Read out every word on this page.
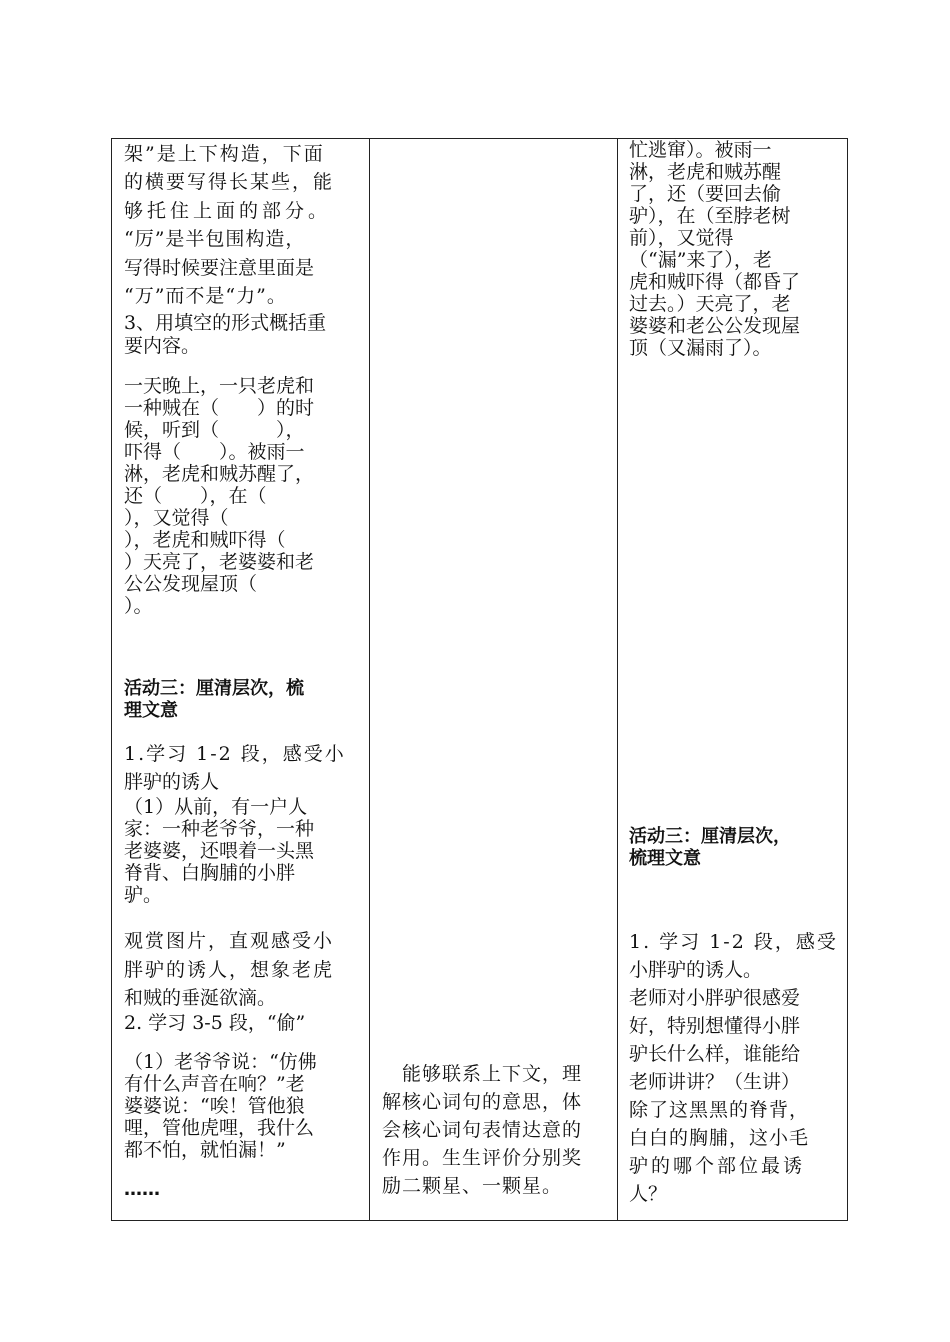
架”是上下构造，下面
的横要写得长某些，能
够托住上面的部分。
“厉”是半包围构造，
写得时候要注意里面是
“万”而不是“力”。
3、用填空的形式概括重
要内容。
一天晚上，一只老虎和
一种贼在（　　）的时
候，听到（　　　），
吓得（　　）。被雨一
淋，老虎和贼苏醒了，
还（　　），在（
），又觉得（
），老虎和贼吓得（
）天亮了，老婆婆和老
公公发现屋顶（
）。
活动三：厘清层次，梳
理文意
1.学习 1-2 段，感受小
胖驴的诱人
（1）从前，有一户人
家：一种老爷爷，一种
老婆婆，还喂着一头黑
脊背、白胸脯的小胖
驴。
观赏图片，直观感受小
胖驴的诱人，想象老虎
和贼的垂涎欲滴。
2. 学习 3-5 段，“偷”
（1）老爷爷说：“仿佛
有什么声音在响？”老
婆婆说：“唉！管他狼
哩，管他虎哩，我什么
都不怕，就怕漏！”
……
　能够联系上下文，理
解核心词句的意思，体
会核心词句表情达意的
作用。生生评价分别奖
励二颗星、一颗星。
忙逃窜）。被雨一
淋，老虎和贼苏醒
了，还（要回去偷
驴），在（至脖老树
前），又觉得
（“漏”来了），老
虎和贼吓得（都昏了
过去。）天亮了，老
婆婆和老公公发现屋
顶（又漏雨了）。
活动三：厘清层次，
梳理文意
1. 学习 1-2 段，感受
小胖驴的诱人。
老师对小胖驴很感爱
好，特别想懂得小胖
驴长什么样，谁能给
老师讲讲？（生讲）
除了这黑黑的脊背，
白白的胸脯，这小毛
驴的哪个部位最诱
人？
